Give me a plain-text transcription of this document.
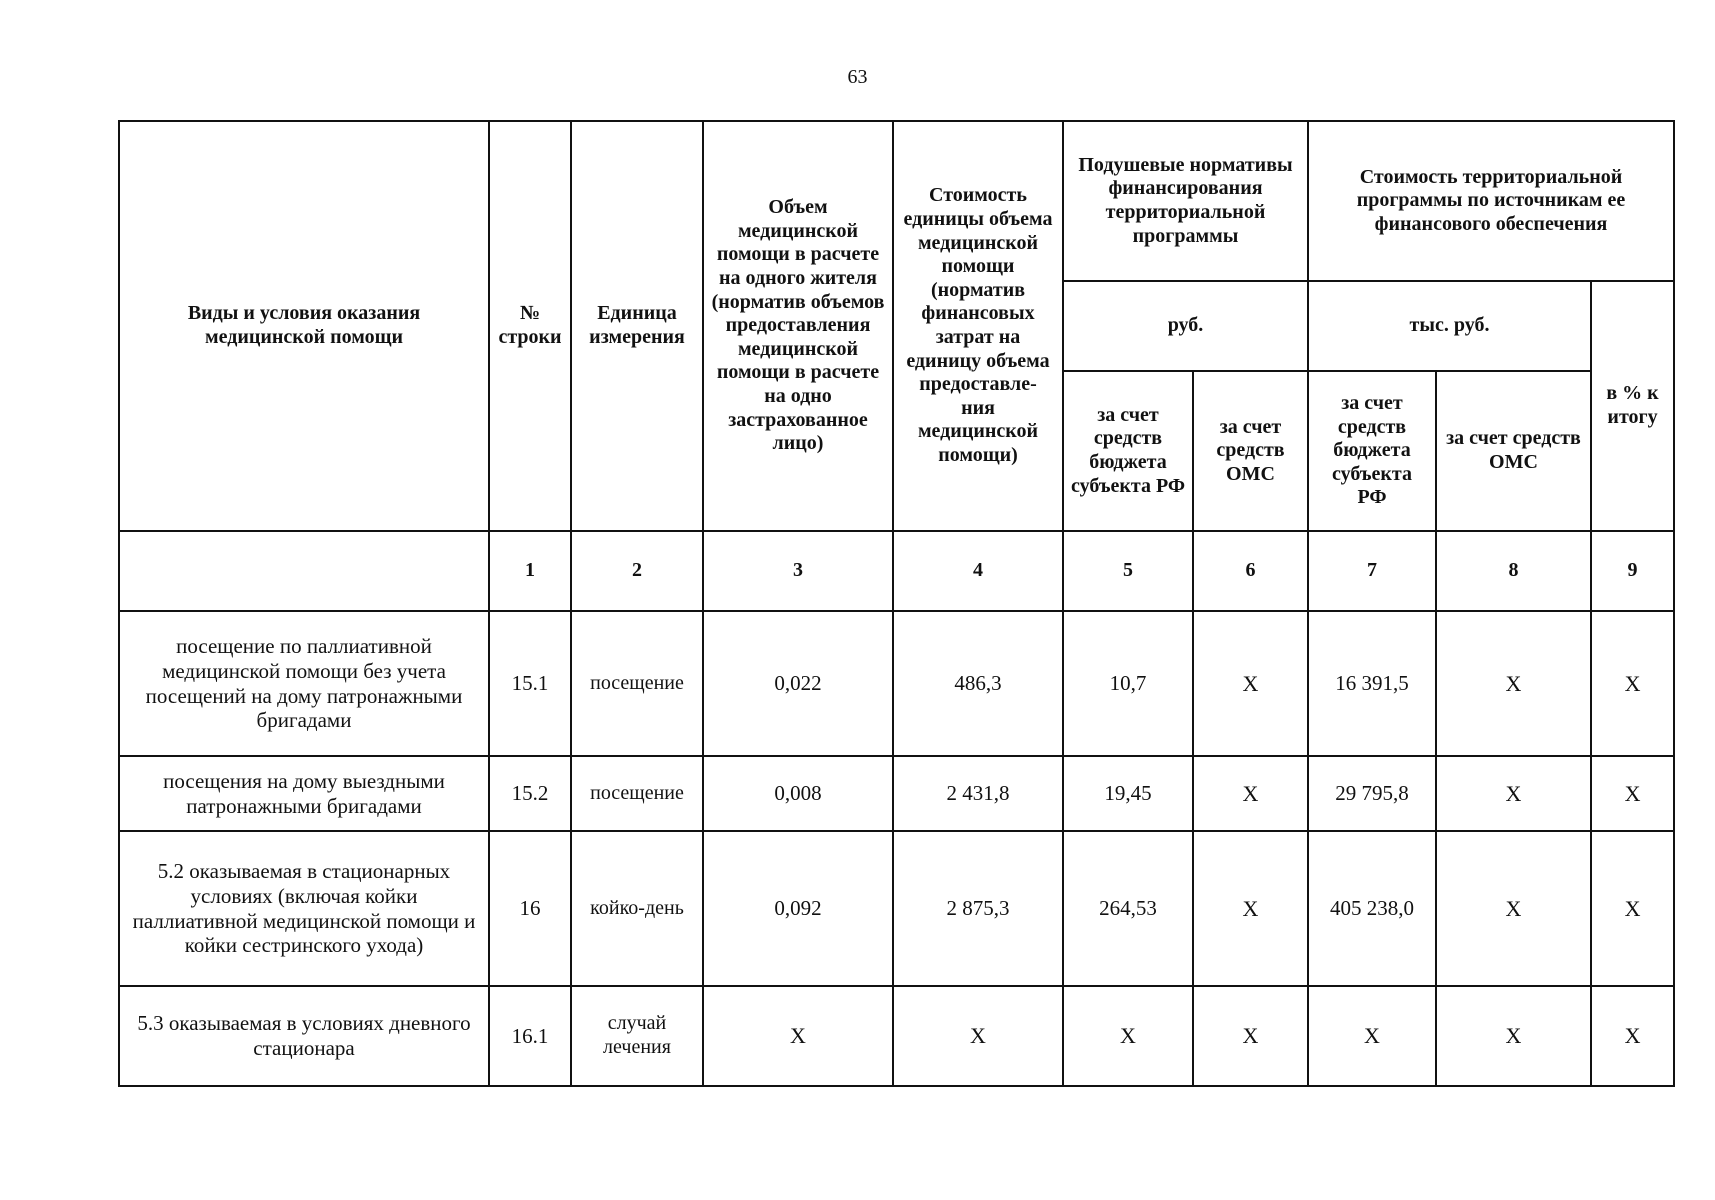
63
Виды и условия оказания медицинской помощи	№ строки	Единица измерения	Объем медицинской помощи в расчете на одного жителя (норматив объемов предоставления медицинской помощи в расчете на одно застрахованное лицо)	Стоимость единицы объема медицинской помощи (норматив финансовых затрат на единицу объема предоставле- ния медицинской помощи)	Подушевые нормативы финансирования территориальной программы		Стоимость территориальной программы по источникам ее финансового обеспечения		
					руб.		тыс. руб.		в % к итогу
					за счет средств бюджета субъекта РФ	за счет средств ОМС	за счет средств бюджета субъекта РФ	за счет средств ОМС	
	1	2	3	4	5	6	7	8	9
посещение по паллиативной медицинской помощи без учета посещений на дому патронажными бригадами	15.1	посещение	0,022	486,3	10,7	Х	16 391,5	Х	Х
посещения на дому выездными патронажными бригадами	15.2	посещение	0,008	2 431,8	19,45	Х	29 795,8	Х	Х
5.2 оказываемая в стационарных условиях (включая койки паллиативной медицинской помощи и койки сестринского ухода)	16	койко-день	0,092	2 875,3	264,53	Х	405 238,0	Х	Х
5.3 оказываемая в условиях дневного стационара	16.1	случай лечения	Х	Х	Х	Х	Х	Х	Х
